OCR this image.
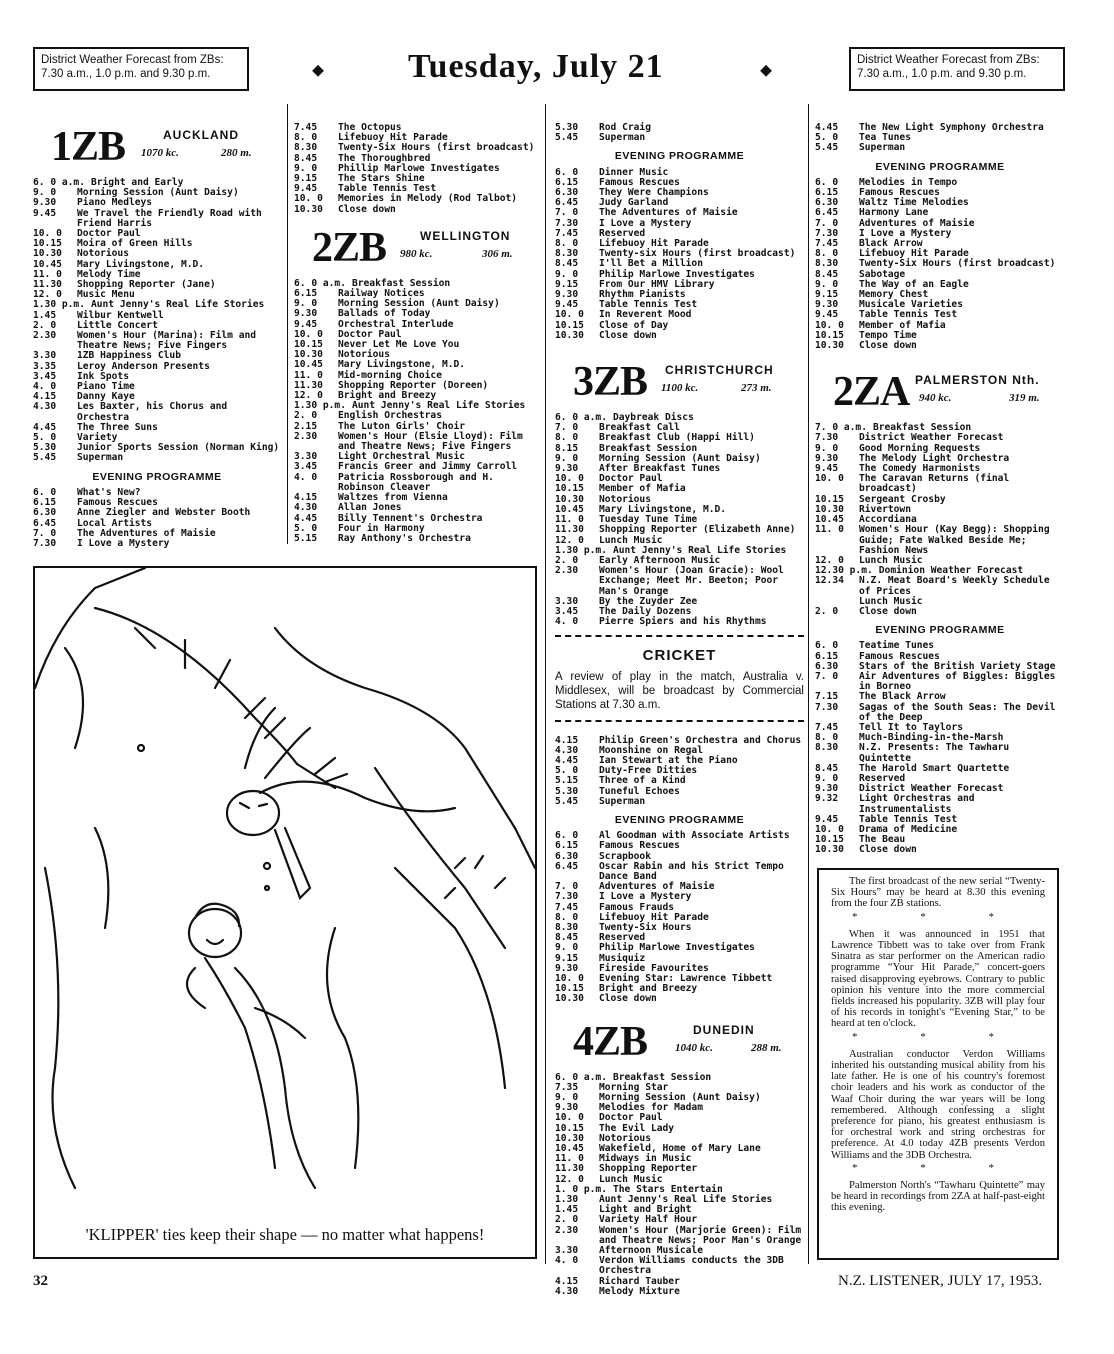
District Weather Forecast from ZBs:
7.30 a.m., 1.0 p.m. and 9.30 p.m.	◆ Tuesday, July 21	◆	District Weather Forecast from ZBs:
7.30 a.m., 1.0 p.m. and 9.30 p.m.
1ZB	AUCKLAND
1070 kc.	280 m.
6. 0 a.m. Bright and Early
9. 0	Morning Session (Aunt Daisy)
9.30	Piano Medleys
9.45	We Travel the Friendly Road with Friend Harris
10. 0	Doctor Paul
10.15	Moira of Green Hills
10.30	Notorious
10.45	Mary Livingstone, M.D.
11. 0	Melody Time
11.30	Shopping Reporter (Jane)
12. 0	Music Menu
1.30 p.m. Aunt Jenny's Real Life Stories
1.45	Wilbur Kentwell
2. 0	Little Concert
2.30	Women's Hour (Marina): Film and Theatre News; Five Fingers
3.30	1ZB Happiness Club
3.35	Leroy Anderson Presents
3.45	Ink Spots
4. 0	Piano Time
4.15	Danny Kaye
4.30	Les Baxter, his Chorus and Orchestra
4.45	The Three Suns
5. 0	Variety
5.30	Junior Sports Session (Norman King)
5.45	Superman
EVENING PROGRAMME
6. 0	What's New?
6.15	Famous Rescues
6.30	Anne Ziegler and Webster Booth
6.45	Local Artists
7. 0	The Adventures of Maisie
7.30	I Love a Mystery
7.45	The Octopus
8. 0	Lifebuoy Hit Parade
8.30	Twenty-Six Hours (first broadcast)
8.45	The Thoroughbred
9. 0	Phillip Marlowe Investigates
9.15	The Stars Shine
9.45	Table Tennis Test
10. 0	Memories in Melody (Rod Talbot)
10.30	Close down
2ZB	WELLINGTON
980 kc.	306 m.
6. 0 a.m. Breakfast Session
6.15	Railway Notices
9. 0	Morning Session (Aunt Daisy)
9.30	Ballads of Today
9.45	Orchestral Interlude
10. 0	Doctor Paul
10.15	Never Let Me Love You
10.30	Notorious
10.45	Mary Livingstone, M.D.
11. 0	Mid-morning Choice
11.30	Shopping Reporter (Doreen)
12. 0	Bright and Breezy
1.30 p.m. Aunt Jenny's Real Life Stories
2. 0	English Orchestras
2.15	The Luton Girls' Choir
2.30	Women's Hour (Elsie Lloyd): Film and Theatre News; Five Fingers
3.30	Light Orchestral Music
3.45	Francis Greer and Jimmy Carroll
4. 0	Patricia Rossborough and H. Robinson Cleaver
4.15	Waltzes from Vienna
4.30	Allan Jones
4.45	Billy Tennent's Orchestra
5. 0	Four in Harmony
5.15	Ray Anthony's Orchestra
'KLIPPER' ties keep their shape — no matter what happens!
5.30	Rod Craig
5.45	Superman
EVENING PROGRAMME
6. 0	Dinner Music
6.15	Famous Rescues
6.30	They Were Champions
6.45	Judy Garland
7. 0	The Adventures of Maisie
7.30	I Love a Mystery
7.45	Reserved
8. 0	Lifebuoy Hit Parade
8.30	Twenty-six Hours (first broadcast)
8.45	I'll Bet a Million
9. 0	Philip Marlowe Investigates
9.15	From Our HMV Library
9.30	Rhythm Pianists
9.45	Table Tennis Test
10. 0	In Reverent Mood
10.15	Close of Day
10.30	Close down
3ZB CHRISTCHURCH
1100 kc.	273 m.
6. 0 a.m. Daybreak Discs
7. 0	Breakfast Call
8. 0	Breakfast Club (Happi Hill)
8.15	Breakfast Session
9. 0	Morning Session (Aunt Daisy)
9.30	After Breakfast Tunes
10. 0	Doctor Paul
10.15	Member of Mafia
10.30	Notorious
10.45	Mary Livingstone, M.D.
11. 0	Tuesday Tune Time
11.30	Shopping Reporter (Elizabeth Anne)
12. 0	Lunch Music
1.30 p.m. Aunt Jenny's Real Life Stories
2. 0	Early Afternoon Music
2.30	Women's Hour (Joan Gracie): Wool Exchange; Meet Mr. Beeton; Poor Man's Orange
3.30	By the Zuyder Zee
3.45	The Daily Dozens
4. 0	Pierre Spiers and his Rhythms
CRICKET
A review of play in the match, Australia v. Middlesex, will be broadcast by Commercial Stations at 7.30 a.m.
4.15	Philip Green's Orchestra and Chorus
4.30	Moonshine on Regal
4.45	Ian Stewart at the Piano
5. 0	Duty-Free Ditties
5.15	Three of a Kind
5.30	Tuneful Echoes
5.45	Superman
EVENING PROGRAMME
6. 0	Al Goodman with Associate Artists
6.15	Famous Rescues
6.30	Scrapbook
6.45	Oscar Rabin and his Strict Tempo Dance Band
7. 0	Adventures of Maisie
7.30	I Love a Mystery
7.45	Famous Frauds
8. 0	Lifebuoy Hit Parade
8.30	Twenty-Six Hours
8.45	Reserved
9. 0	Philip Marlowe Investigates
9.15	Musiquiz
9.30	Fireside Favourites
10. 0	Evening Star: Lawrence Tibbett
10.15	Bright and Breezy
10.30	Close down
4ZB	DUNEDIN
1040 kc.	288 m.
6. 0 a.m. Breakfast Session
7.35	Morning Star
9. 0	Morning Session (Aunt Daisy)
9.30	Melodies for Madam
10. 0	Doctor Paul
10.15	The Evil Lady
10.30	Notorious
10.45	Wakefield, Home of Mary Lane
11. 0	Midways in Music
11.30	Shopping Reporter
12. 0	Lunch Music
1. 0 p.m. The Stars Entertain
1.30	Aunt Jenny's Real Life Stories
1.45	Light and Bright
2. 0	Variety Half Hour
2.30	Women's Hour (Marjorie Green): Film and Theatre News; Poor Man's Orange
3.30	Afternoon Musicale
4. 0	Verdon Williams conducts the 3DB Orchestra
4.15	Richard Tauber
4.30	Melody Mixture
4.45	The New Light Symphony Orchestra
5. 0	Tea Tunes
5.45	Superman
EVENING PROGRAMME
6. 0	Melodies in Tempo
6.15	Famous Rescues
6.30	Waltz Time Melodies
6.45	Harmony Lane
7. 0	Adventures of Maisie
7.30	I Love a Mystery
7.45	Black Arrow
8. 0	Lifebuoy Hit Parade
8.30	Twenty-Six Hours (first broadcast)
8.45	Sabotage
9. 0	The Way of an Eagle
9.15	Memory Chest
9.30	Musicale Varieties
9.45	Table Tennis Test
10. 0	Member of Mafia
10.15	Tempo Time
10.30	Close down
2ZA PALMERSTON Nth.
940 kc.	319 m.
7. 0 a.m. Breakfast Session
7.30	District Weather Forecast
9. 0	Good Morning Requests
9.30	The Melody Light Orchestra
9.45	The Comedy Harmonists
10. 0	The Caravan Returns (final broadcast)
10.15	Sergeant Crosby
10.30	Rivertown
10.45	Accordiana
11. 0	Women's Hour (Kay Begg): Shopping Guide; Fate Walked Beside Me; Fashion News
12. 0	Lunch Music
12.30 p.m. Dominion Weather Forecast
12.34	N.Z. Meat Board's Weekly Schedule of Prices
Lunch Music
2. 0	Close down
EVENING PROGRAMME
6. 0	Teatime Tunes
6.15	Famous Rescues
6.30	Stars of the British Variety Stage
7. 0	Air Adventures of Biggles: Biggles in Borneo
7.15	The Black Arrow
7.30	Sagas of the South Seas: The Devil of the Deep
7.45	Tell It to Taylors
8. 0	Much-Binding-in-the-Marsh
8.30	N.Z. Presents: The Tawharu Quintette
8.45	The Harold Smart Quartette
9. 0	Reserved
9.30	District Weather Forecast
9.32	Light Orchestras and Instrumentalists
9.45	Table Tennis Test
10. 0	Drama of Medicine
10.15	The Beau
10.30	Close down

The first broadcast of the new serial “Twenty-Six Hours” may be heard at 8.30 this evening from the four ZB stations.

* * *

When it was announced in 1951 that Lawrence Tibbett was to take over from Frank Sinatra as star performer on the American radio programme “Your Hit Parade,” concert-goers raised disapproving eyebrows. Contrary to public opinion his venture into the more commercial fields increased his popularity. 3ZB will play four of his records in tonight's “Evening Star,” to be heard at ten o'clock.

* * *

Australian conductor Verdon Williams inherited his outstanding musical ability from his late father. He is one of his country's foremost choir leaders and his work as conductor of the Waaf Choir during the war years will be long remembered. Although confessing a slight preference for piano, his greatest enthusiasm is for orchestral work and string orchestras for preference. At 4.0 today 4ZB presents Verdon Williams and the 3DB Orchestra.

* * *

Palmerston North's “Tawharu Quintette” may be heard in recordings from 2ZA at half-past-eight this evening.

32	N.Z. LISTENER, JULY 17, 1953.
